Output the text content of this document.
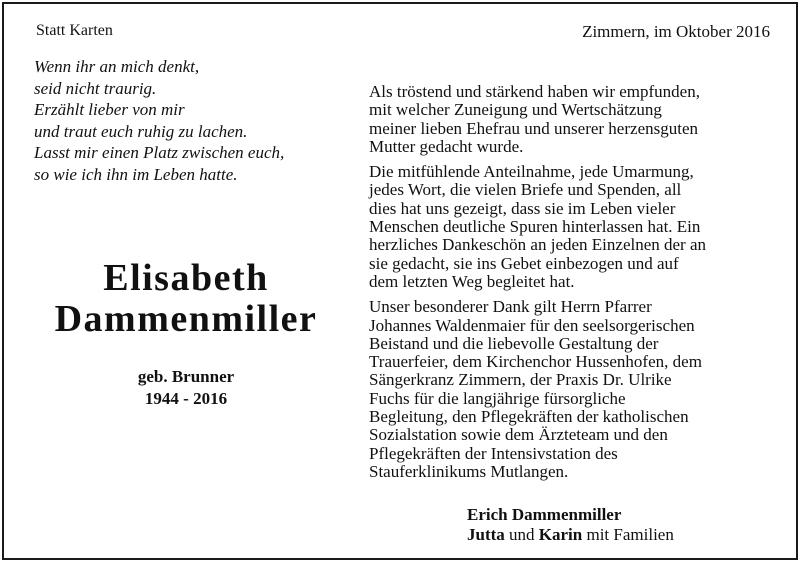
Statt Karten	Zimmern, im Oktober 2016
Wenn ihr an mich denkt,
seid nicht traurig.
Erzählt lieber von mir
und traut euch ruhig zu lachen.
Lasst mir einen Platz zwischen euch,
so wie ich ihn im Leben hatte.
Elisabeth
Dammenmiller
geb. Brunner
1944 - 2016

Als tröstend und stärkend haben wir empfunden,
mit welcher Zuneigung und Wertschätzung
meiner lieben Ehefrau und unserer herzensguten
Mutter gedacht wurde.

Die mitfühlende Anteilnahme, jede Umarmung,
jedes Wort, die vielen Briefe und Spenden, all
dies hat uns gezeigt, dass sie im Leben vieler
Menschen deutliche Spuren hinterlassen hat. Ein
herzliches Dankeschön an jeden Einzelnen der an
sie gedacht, sie ins Gebet einbezogen und auf
dem letzten Weg begleitet hat.

Unser besonderer Dank gilt Herrn Pfarrer
Johannes Waldenmaier für den seelsorgerischen
Beistand und die liebevolle Gestaltung der
Trauerfeier, dem Kirchenchor Hussenhofen, dem
Sängerkranz Zimmern, der Praxis Dr. Ulrike
Fuchs für die langjährige fürsorgliche
Begleitung, den Pflegekräften der katholischen
Sozialstation sowie dem Ärzteteam und den
Pflegekräften der Intensivstation des
Stauferklinikums Mutlangen.

Erich Dammenmiller
Jutta und Karin mit Familien
